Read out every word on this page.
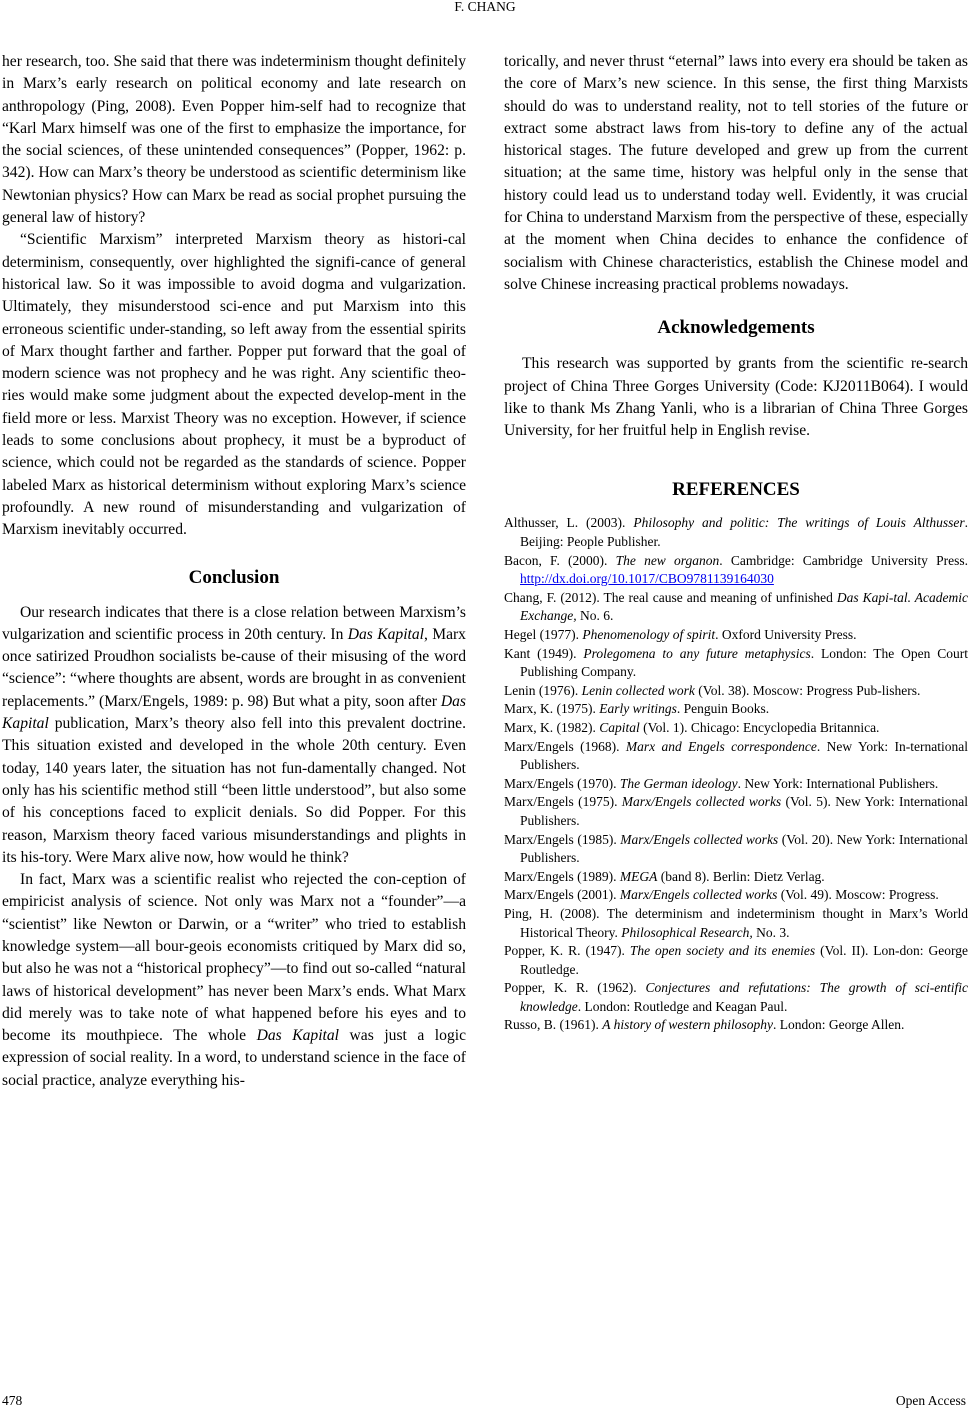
F. CHANG

her research, too. She said that there was indeterminism thought definitely in Marx’s early research on political economy and late research on anthropology (Ping, 2008). Even Popper him-self had to recognize that “Karl Marx himself was one of the first to emphasize the importance, for the social sciences, of these unintended consequences” (Popper, 1962: p. 342). How can Marx’s theory be understood as scientific determinism like Newtonian physics? How can Marx be read as social prophet pursuing the general law of history?

“Scientific Marxism” interpreted Marxism theory as histori-cal determinism, consequently, over highlighted the signifi-cance of general historical law. So it was impossible to avoid dogma and vulgarization. Ultimately, they misunderstood sci-ence and put Marxism into this erroneous scientific under-standing, so left away from the essential spirits of Marx thought farther and farther. Popper put forward that the goal of modern science was not prophecy and he was right. Any scientific theo-ries would make some judgment about the expected develop-ment in the field more or less. Marxist Theory was no exception. However, if science leads to some conclusions about prophecy, it must be a byproduct of science, which could not be regarded as the standards of science. Popper labeled Marx as historical determinism without exploring Marx’s science profoundly. A new round of misunderstanding and vulgarization of Marxism inevitably occurred.

Conclusion

Our research indicates that there is a close relation between Marxism’s vulgarization and scientific process in 20th century. In Das Kapital, Marx once satirized Proudhon socialists be-cause of their misusing of the word “science”: “where thoughts are absent, words are brought in as convenient replacements.” (Marx/Engels, 1989: p. 98) But what a pity, soon after Das Kapital publication, Marx’s theory also fell into this prevalent doctrine. This situation existed and developed in the whole 20th century. Even today, 140 years later, the situation has not fun-damentally changed. Not only has his scientific method still “been little understood”, but also some of his conceptions faced to explicit denials. So did Popper. For this reason, Marxism theory faced various misunderstandings and plights in its his-tory. Were Marx alive now, how would he think?

In fact, Marx was a scientific realist who rejected the con-ception of empiricist analysis of science. Not only was Marx not a “founder”—a “scientist” like Newton or Darwin, or a “writer” who tried to establish knowledge system—all bour-geois economists critiqued by Marx did so, but also he was not a “historical prophecy”—to find out so-called “natural laws of historical development” has never been Marx’s ends. What Marx did merely was to take note of what happened before his eyes and to become its mouthpiece. The whole Das Kapital was just a logic expression of social reality. In a word, to understand science in the face of social practice, analyze everything his-

torically, and never thrust “eternal” laws into every era should be taken as the core of Marx’s new science. In this sense, the first thing Marxists should do was to understand reality, not to tell stories of the future or extract some abstract laws from his-tory to define any of the actual historical stages. The future developed and grew up from the current situation; at the same time, history was helpful only in the sense that history could lead us to understand today well. Evidently, it was crucial for China to understand Marxism from the perspective of these, especially at the moment when China decides to enhance the confidence of socialism with Chinese characteristics, establish the Chinese model and solve Chinese increasing practical problems nowadays.

Acknowledgements

This research was supported by grants from the scientific re-search project of China Three Gorges University (Code: KJ2011B064). I would like to thank Ms Zhang Yanli, who is a librarian of China Three Gorges University, for her fruitful help in English revise.

REFERENCES

Althusser, L. (2003). Philosophy and politic: The writings of Louis Althusser. Beijing: People Publisher.

Bacon, F. (2000). The new organon. Cambridge: Cambridge University Press. http://dx.doi.org/10.1017/CBO9781139164030

Chang, F. (2012). The real cause and meaning of unfinished Das Kapi-tal. Academic Exchange, No. 6.

Hegel (1977). Phenomenology of spirit. Oxford University Press.

Kant (1949). Prolegomena to any future metaphysics. London: The Open Court Publishing Company.

Lenin (1976). Lenin collected work (Vol. 38). Moscow: Progress Pub-lishers.

Marx, K. (1975). Early writings. Penguin Books.

Marx, K. (1982). Capital (Vol. 1). Chicago: Encyclopedia Britannica.

Marx/Engels (1968). Marx and Engels correspondence. New York: In-ternational Publishers.

Marx/Engels (1970). The German ideology. New York: International Publishers.

Marx/Engels (1975). Marx/Engels collected works (Vol. 5). New York: International Publishers.

Marx/Engels (1985). Marx/Engels collected works (Vol. 20). New York: International Publishers.

Marx/Engels (1989). MEGA (band 8). Berlin: Dietz Verlag.

Marx/Engels (2001). Marx/Engels collected works (Vol. 49). Moscow: Progress.

Ping, H. (2008). The determinism and indeterminism thought in Marx’s World Historical Theory. Philosophical Research, No. 3.

Popper, K. R. (1947). The open society and its enemies (Vol. II). Lon-don: George Routledge.

Popper, K. R. (1962). Conjectures and refutations: The growth of sci-entific knowledge. London: Routledge and Keagan Paul.

Russo, B. (1961). A history of western philosophy. London: George Allen.

478	Open Access
